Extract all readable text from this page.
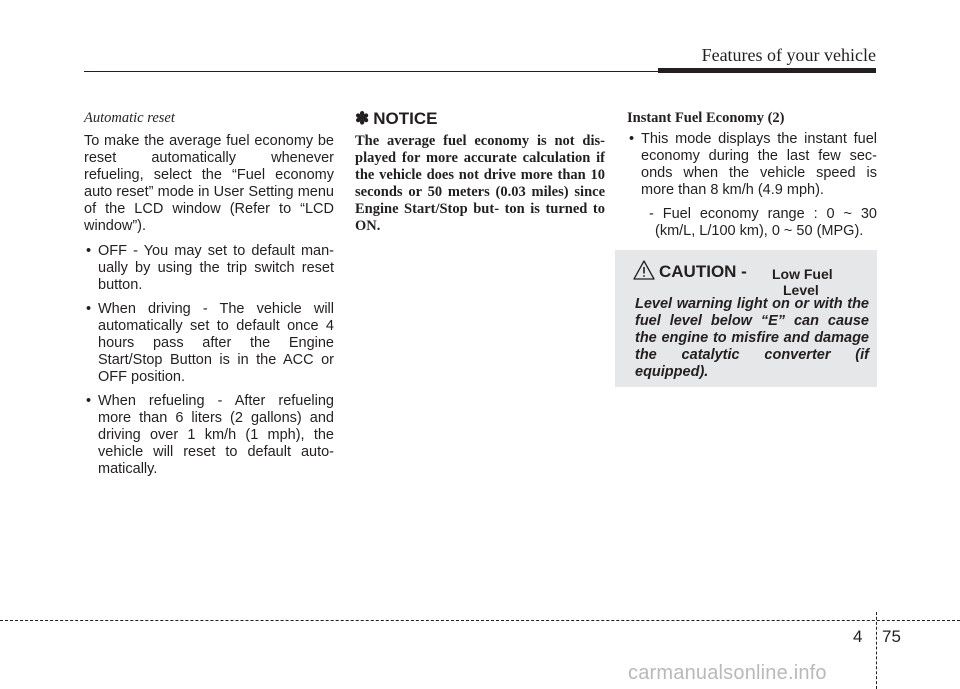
Features of your vehicle
Automatic reset

To make the average fuel economy be reset automatically whenever refueling, select the “Fuel economy auto reset” mode in User Setting menu of the LCD window (Refer to “LCD window”).

• OFF - You may set to default man- ually by using the trip switch reset button.
• When driving - The vehicle will automatically set to default once 4 hours pass after the Engine Start/Stop Button is in the ACC or OFF position.
• When refueling - After refueling more than 6 liters (2 gallons) and driving over 1 km/h (1 mph), the vehicle will reset to default auto- matically.
✽ NOTICE

The average fuel economy is not dis- played for more accurate calculation if the vehicle does not drive more than 10 seconds or 50 meters (0.03 miles) since Engine Start/Stop but- ton is turned to ON.

Instant Fuel Economy (2)
• This mode displays the instant fuel economy during the last few sec- onds when the vehicle speed is more than 8 km/h (4.9 mph).
- Fuel economy range : 0 ~ 30 (km/L, L/100 km), 0 ~ 50 (MPG).
CAUTION - Low Fuel
Level
Level warning light on or with the fuel level below “E” can cause the engine to misfire and damage the catalytic converter (if equipped).
4 75
carmanualsonline.info
